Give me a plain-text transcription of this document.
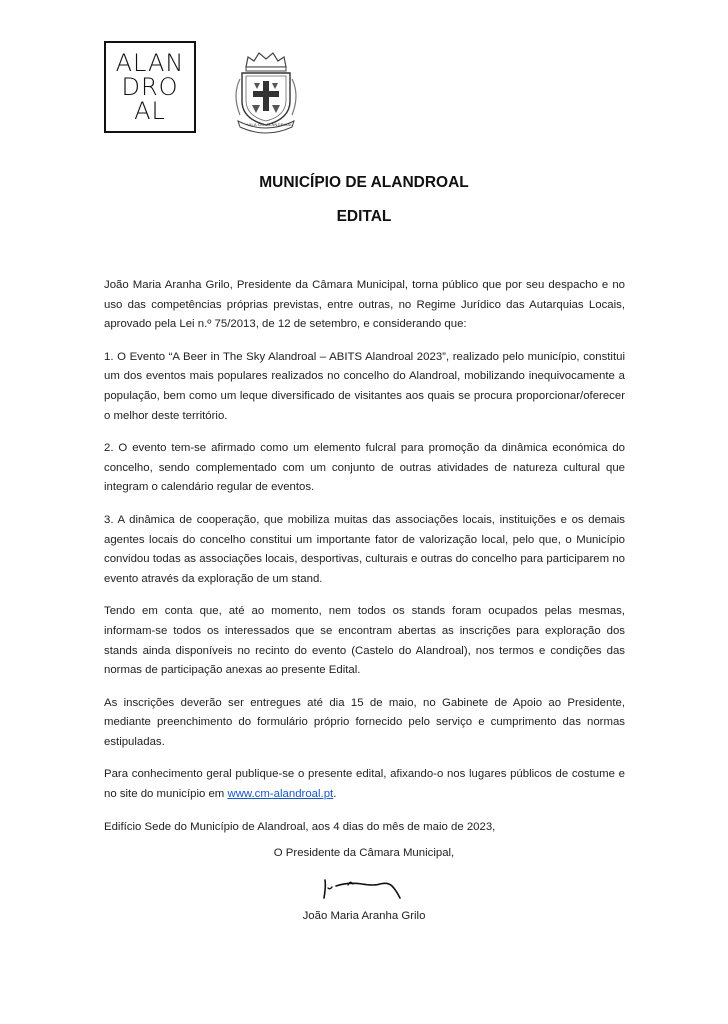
ALAN
DRO
AL	VILA DO ALANDROAL
MUNICÍPIO DE ALANDROAL
EDITAL

João Maria Aranha Grilo, Presidente da Câmara Municipal, torna público que por seu despacho e no uso das competências próprias previstas, entre outras, no Regime Jurídico das Autarquias Locais, aprovado pela Lei n.º 75/2013, de 12 de setembro, e considerando que:

1. O Evento “A Beer in The Sky Alandroal – ABITS Alandroal 2023”, realizado pelo município, constitui um dos eventos mais populares realizados no concelho do Alandroal, mobilizando inequivocamente a população, bem como um leque diversificado de visitantes aos quais se procura proporcionar/oferecer o melhor deste território.

2. O evento tem-se afirmado como um elemento fulcral para promoção da dinâmica económica do concelho, sendo complementado com um conjunto de outras atividades de natureza cultural que integram o calendário regular de eventos.

3. A dinâmica de cooperação, que mobiliza muitas das associações locais, instituições e os demais agentes locais do concelho constitui um importante fator de valorização local, pelo que, o Município convidou todas as associações locais, desportivas, culturais e outras do concelho para participarem no evento através da exploração de um stand.

Tendo em conta que, até ao momento, nem todos os stands foram ocupados pelas mesmas, informam-se todos os interessados que se encontram abertas as inscrições para exploração dos stands ainda disponíveis no recinto do evento (Castelo do Alandroal), nos termos e condições das normas de participação anexas ao presente Edital.

As inscrições deverão ser entregues até dia 15 de maio, no Gabinete de Apoio ao Presidente, mediante preenchimento do formulário próprio fornecido pelo serviço e cumprimento das normas estipuladas.

Para conhecimento geral publique-se o presente edital, afixando-o nos lugares públicos de costume e no site do município em www.cm-alandroal.pt.

Edifício Sede do Município de Alandroal, aos 4 dias do mês de maio de 2023,

O Presidente da Câmara Municipal,
João Maria Aranha Grilo
